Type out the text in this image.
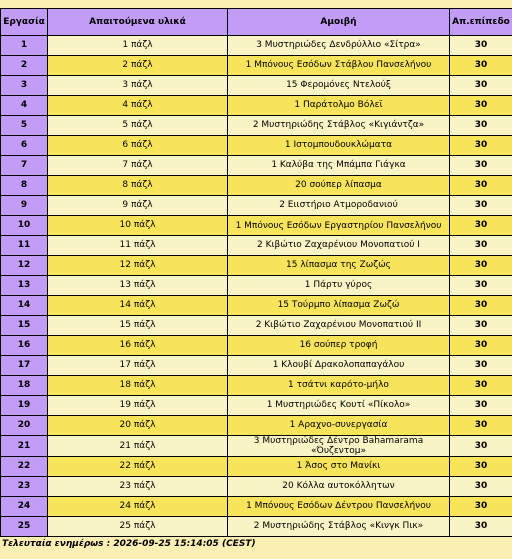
Εργασία	Απαιτούμενα υλικά	Αμοιβή	Απ.επίπεδο
1	1 πάζλ	3 Μυστηριώδες Δενδρύλλιο «Σίτρα»	30
2	2 πάζλ	1 Μπόνους Εσόδων Στάβλου Πανσελήνου	30
3	3 πάζλ	15 Φερομόνες Ντελούξ	30
4	4 πάζλ	1 Παράτολμο Βόλεϊ	30
5	5 πάζλ	2 Μυστηριώδης Στάβλος «Κιγιάντζα»	30
6	6 πάζλ	1 Ιστομπουδουκλώματα	30
7	7 πάζλ	1 Καλύβα της Μπάμπα Γιάγκα	30
8	8 πάζλ	20 σούπερ λίπασμα	30
9	9 πάζλ	2 Ειιστήριο Ατμοροδανιού	30
10	10 πάζλ	1 Μπόνους Εσόδων Εργαστηρίου Πανσελήνου	30
11	11 πάζλ	2 Κιβώτιο Ζαχαρένιου Μονοπατιού Ι	30
12	12 πάζλ	15 λίπασμα της Ζωζώς	30
13	13 πάζλ	1 Πάρτυ γύρος	30
14	14 πάζλ	15 Τούρμπο λίπασμα Ζωζώ	30
15	15 πάζλ	2 Κιβώτιο Ζαχαρένιου Μονοπατιού ΙΙ	30
16	16 πάζλ	16 σούπερ τροφή	30
17	17 πάζλ	1 Κλουβί Δρακολοπαπαγάλου	30
18	18 πάζλ	1 τσάτνι καρότο-μήλο	30
19	19 πάζλ	1 Μυστηριώδες Κουτί «Πίκολο»	30
20	20 πάζλ	1 Αραχνο-συνεργασία	30
21	21 πάζλ	3 Μυστηριώδες Δέντρο Bahamarama «Όυζεντομ»	30
22	22 πάζλ	1 Άσος στο Μανίκι	30
23	23 πάζλ	20 Κόλλα αυτοκόλλητων	30
24	24 πάζλ	1 Μπόνους Εσόδων Δέντρου Πανσελήνου	30
25	25 πάζλ	2 Μυστηριώδης Στάβλος «Κινγκ Πικ»	30
Τελευταία ενημέρωs : 2026-09-25 15:14:05 (CEST)
